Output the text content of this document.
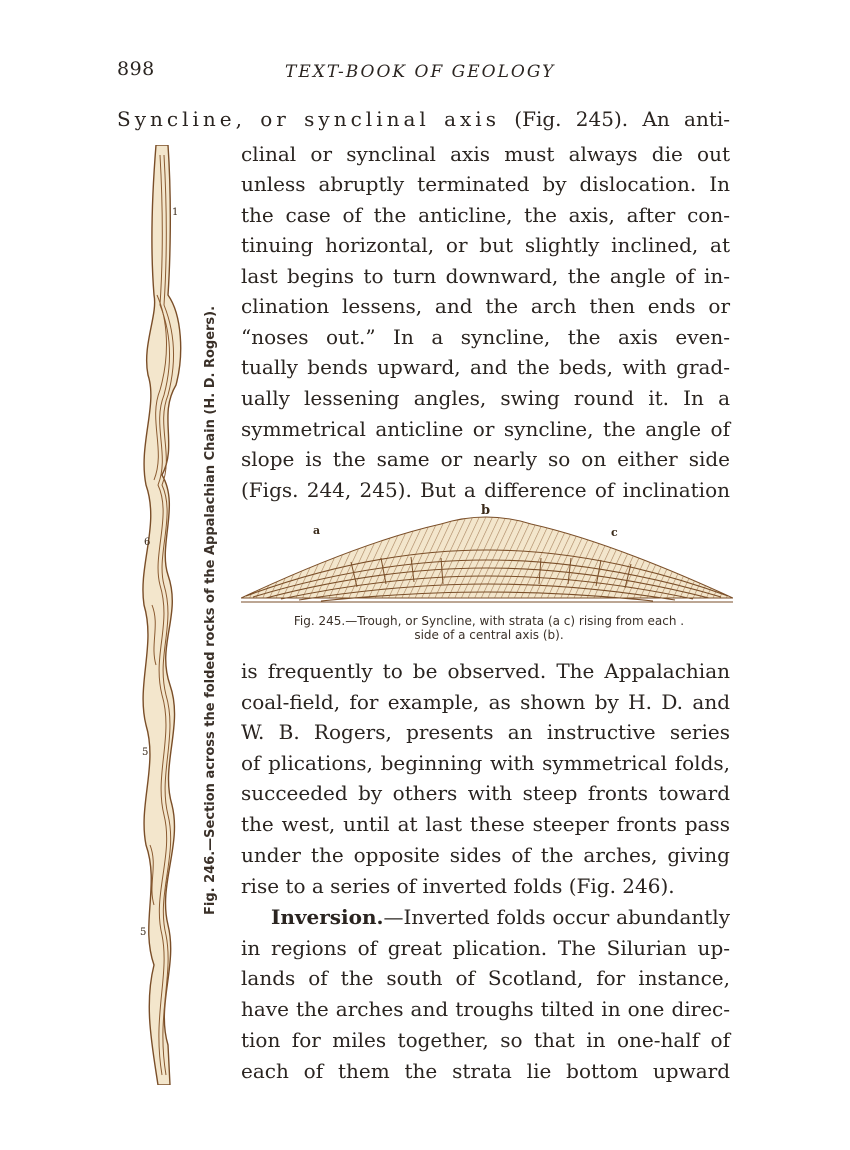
898	TEXT-BOOK OF GEOLOGY
Syncline, or synclinal axis (Fig. 245). An anti-
clinal or synclinal axis must always die out
unless abruptly terminated by dislocation. In
the case of the anticline, the axis, after con-
tinuing horizontal, or but slightly inclined, at
last begins to turn downward, the angle of in-
clination lessens, and the arch then ends or
“noses out.” In a syncline, the axis even-
tually bends upward, and the beds, with grad-
ually lessening angles, swing round it. In a
symmetrical anticline or syncline, the angle of
slope is the same or nearly so on either side
(Figs. 244, 245). But a difference of inclination
a
b
c
Fig. 245.—Trough, or Syncline, with strata (a c) rising from each .
side of a central axis (b).
is frequently to be observed. The Appalachian
coal-field, for example, as shown by H. D. and
W. B. Rogers, presents an instructive series
of plications, beginning with symmetrical folds,
succeeded by others with steep fronts toward
the west, until at last these steeper fronts pass
under the opposite sides of the arches, giving
rise to a series of inverted folds (Fig. 246).
Inversion.—Inverted folds occur abundantly
in regions of great plication. The Silurian up-
lands of the south of Scotland, for instance,
have the arches and troughs tilted in one direc-
tion for miles together, so that in one-half of
each of them the strata lie bottom upward
1
6
5
5
Fig. 246.—Section across the folded rocks of the Appalachian Chain (H. D. Rogers).
